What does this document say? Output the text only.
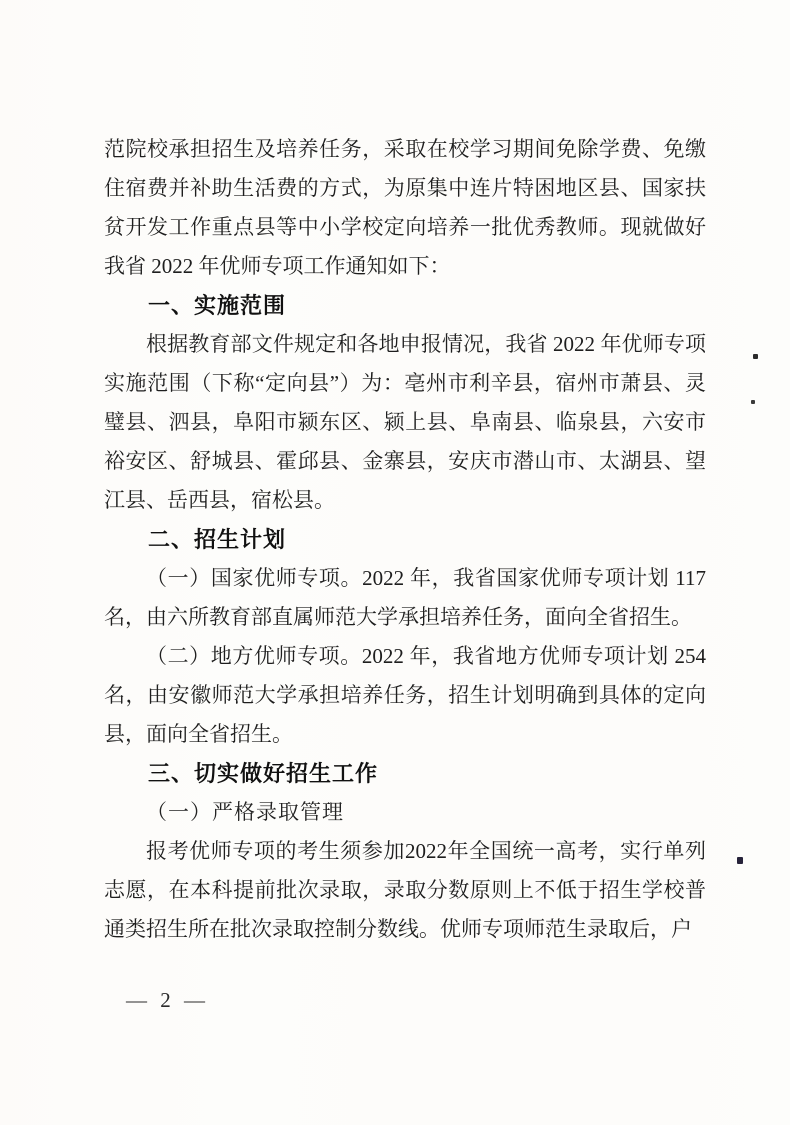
范院校承担招生及培养任务，采取在校学习期间免除学费、免缴住宿费并补助生活费的方式，为原集中连片特困地区县、国家扶贫开发工作重点县等中小学校定向培养一批优秀教师。现就做好我省 2022 年优师专项工作通知如下：

一、实施范围

根据教育部文件规定和各地申报情况，我省 2022 年优师专项实施范围（下称“定向县”）为：亳州市利辛县，宿州市萧县、灵璧县、泗县，阜阳市颍东区、颍上县、阜南县、临泉县，六安市裕安区、舒城县、霍邱县、金寨县，安庆市潜山市、太湖县、望江县、岳西县，宿松县。

二、招生计划

（一）国家优师专项。2022 年，我省国家优师专项计划 117 名，由六所教育部直属师范大学承担培养任务，面向全省招生。

（二）地方优师专项。2022 年，我省地方优师专项计划 254 名，由安徽师范大学承担培养任务，招生计划明确到具体的定向县，面向全省招生。

三、切实做好招生工作

（一）严格录取管理

报考优师专项的考生须参加2022年全国统一高考，实行单列志愿，在本科提前批次录取，录取分数原则上不低于招生学校普通类招生所在批次录取控制分数线。优师专项师范生录取后，户

— 2 —
